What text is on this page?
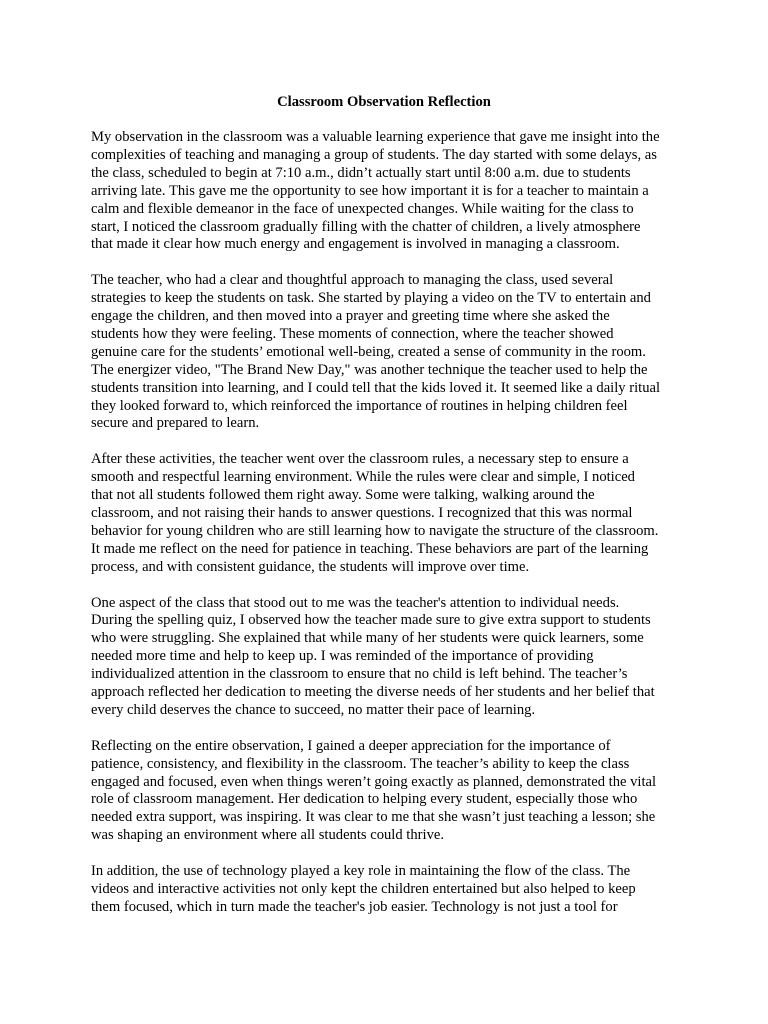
Classroom Observation Reflection

My observation in the classroom was a valuable learning experience that gave me insight into the
complexities of teaching and managing a group of students. The day started with some delays, as
the class, scheduled to begin at 7:10 a.m., didn’t actually start until 8:00 a.m. due to students
arriving late. This gave me the opportunity to see how important it is for a teacher to maintain a
calm and flexible demeanor in the face of unexpected changes. While waiting for the class to
start, I noticed the classroom gradually filling with the chatter of children, a lively atmosphere
that made it clear how much energy and engagement is involved in managing a classroom.

The teacher, who had a clear and thoughtful approach to managing the class, used several
strategies to keep the students on task. She started by playing a video on the TV to entertain and
engage the children, and then moved into a prayer and greeting time where she asked the
students how they were feeling. These moments of connection, where the teacher showed
genuine care for the students’ emotional well-being, created a sense of community in the room.
The energizer video, "The Brand New Day," was another technique the teacher used to help the
students transition into learning, and I could tell that the kids loved it. It seemed like a daily ritual
they looked forward to, which reinforced the importance of routines in helping children feel
secure and prepared to learn.

After these activities, the teacher went over the classroom rules, a necessary step to ensure a
smooth and respectful learning environment. While the rules were clear and simple, I noticed
that not all students followed them right away. Some were talking, walking around the
classroom, and not raising their hands to answer questions. I recognized that this was normal
behavior for young children who are still learning how to navigate the structure of the classroom.
It made me reflect on the need for patience in teaching. These behaviors are part of the learning
process, and with consistent guidance, the students will improve over time.

One aspect of the class that stood out to me was the teacher's attention to individual needs.
During the spelling quiz, I observed how the teacher made sure to give extra support to students
who were struggling. She explained that while many of her students were quick learners, some
needed more time and help to keep up. I was reminded of the importance of providing
individualized attention in the classroom to ensure that no child is left behind. The teacher’s
approach reflected her dedication to meeting the diverse needs of her students and her belief that
every child deserves the chance to succeed, no matter their pace of learning.

Reflecting on the entire observation, I gained a deeper appreciation for the importance of
patience, consistency, and flexibility in the classroom. The teacher’s ability to keep the class
engaged and focused, even when things weren’t going exactly as planned, demonstrated the vital
role of classroom management. Her dedication to helping every student, especially those who
needed extra support, was inspiring. It was clear to me that she wasn’t just teaching a lesson; she
was shaping an environment where all students could thrive.

In addition, the use of technology played a key role in maintaining the flow of the class. The
videos and interactive activities not only kept the children entertained but also helped to keep
them focused, which in turn made the teacher's job easier. Technology is not just a tool for
